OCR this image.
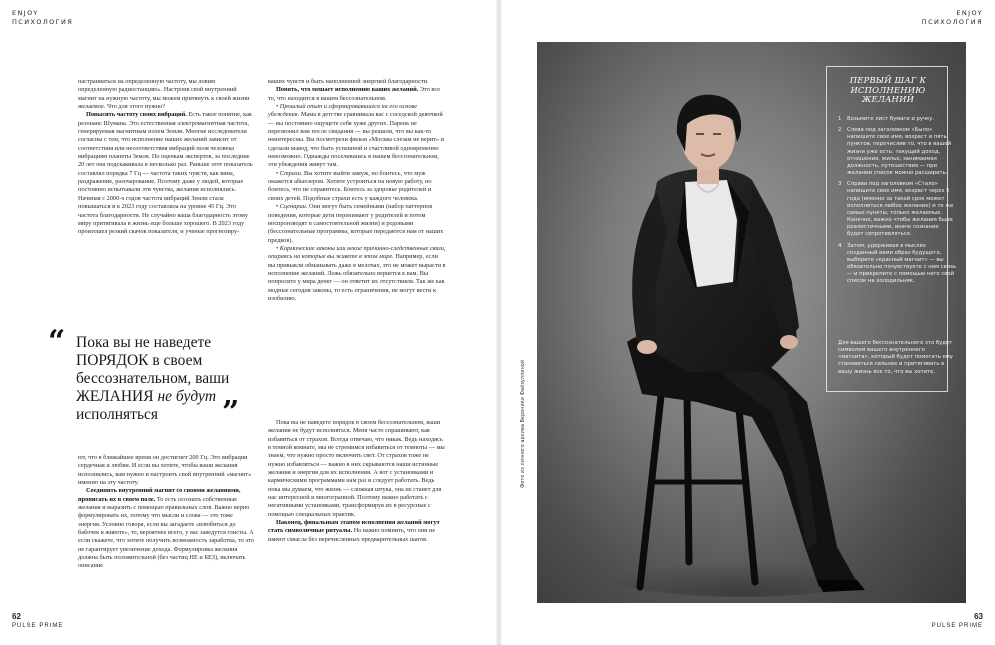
ENJOY
ПСИХОЛОГИЯ
ENJOY
ПСИХОЛОГИЯ

настраиваться на определенную частоту, мы ловим определенную радиостанцию». Настроив свой внутренний магнит на нужную частоту, мы можем притянуть к своей жизни желаемое. Что для этого нужно?

Повысить частоту своих вибраций. Есть такое понятие, как резонанс Шумана. Это естественная электромагнитная частота, генерируемая магнитным полем Земли. Многие исследователи согласны с тем, что исполнение наших желаний зависит от соответствия или несоответствия вибраций поля человека вибрациям планеты Земля. По оценкам экспертов, за последние 20 лет она подскакивала в несколько раз. Раньше этот показатель составлял порядка 7 Гц — частота таких чувств, как вина, раздражение, разочарование. Поэтому даже у людей, которые постоянно испытывали эти чувства, желания исполнялись. Начиная с 2000-х годов частота вибраций Земли стала повышаться и к 2023 году составляла на уровне 45 Гц. Это частота благодарности. Не случайно ваша благодарность этому миру притягивала в жизнь еще больше хорошего. В 2023 году произошел резкий скачок показателя, и ученые прогнозиру-

“ Пока вы не наведете ПОРЯДОК в своем бессознательном, ваши ЖЕЛАНИЯ не будут исполняться	”

ют, что в ближайшее время он достигнет 200 Гц. Это вибрации сердечная и любви. И если вы хотите, чтобы ваши желания исполнялись, вам нужно и настроить свой внутренний «магнит» именно на эту частоту.

Соединить внутренний магнит со своими желаниями, прописать их в своем поле. То есть осознать собственные желания и выразить с помощью правильных слов. Важно верно формулировать их, потому что мысли и слова — это тоже энергия. Условно говоря, если вы загадаете «влюбиться до бабочек в животе», то, вероятнее всего, у вас заведутся глисты. А если скажете, что хотите получить возможность заработка, то это не гарантирует увеличение дохода. Формулировка желания должна быть положительной (без частиц НЕ и БЕЗ), включать описание

ваших чувств и быть наполненной энергией благодарности.

Понять, что мешает исполнению ваших желаний. Это все то, что находится в вашем бессознательном.

• Прошлый опыт и сформировавшиеся на его основе убеждения. Мама в детстве сравнивала вас с соседской девочкой — вы постоянно ощущете себя хуже других. Парень не перезвонил вам после свидания — вы решили, что вы как-то неинтересны. Вы посмотрели фильм «Москва слезам не верит» и сделали вывод, что быть успешной и счастливой одновременно невозможно. Однажды поселившись в нашем бессознательном, эти убеждения живут там.

• Страхи. Вы хотите выйти замуж, но боитесь, что муж окажется абьюзером. Хотите устроиться на новую работу, но боитесь, что не справитесь. Боитесь за здоровье родителей и своих детей. Подобные страхи есть у каждого человека.

• Сценарии. Они могут быть семейными (набор паттернов поведения, которые дети перенимают у родителей и потом воспроизводят в самостоятельной жизни) и родовыми (бессознательные программы, которые передаются нам от наших предков).

• Кармические законы или некие причинно-следственные связи, опираясь на которые вы живете в этом мире. Например, если вы привыкли обманывать даже в мелочах, это не может вырасти в исполнение желаний. Ложь обязательно вернется к вам. Вы попросите у мира денег — он ответит их отсутствием. Так же как модные сегодня законы, то есть ограничения, не могут вести к изобилию.

Пока вы не наведете порядок в своем бессознательном, ваши желания не будут исполняться. Меня часто спрашивают, как избавиться от страхов. Всегда отвечаю, что никак. Ведь находясь в темной комнате, мы не стремимся избавиться от темноты — мы знаем, что нужно просто включить свет. От страхов тоже не нужно избавляться — важно в них скрываются наши истинные желания и энергия для их исполнения. А вот с установками и кармическими программами нам раз и следует работать. Ведь пока мы думаем, что жизнь — сложная штука, она не станет для нас интересной и многогранной. Поэтому важно работать с негативными установками, трансформируя их в ресурсные с помощью специальных практик.

Наконец, финальным этапом исполнения желаний могут стать символичные ритуалы. Но важно помнить, что они не имеют смысла без перечисленных предварительных шагов.

Фото из личного архива Вероники Файзуллиной
ПЕРВЫЙ ШАГ К ИСПОЛНЕНИЮ ЖЕЛАНИЙ
1 Возьмите лист бумаги и ручку.
2 Слева под заголовком «Было» напишите свое имя, возраст и пять пунктов, перечислив то, что в вашей жизни уже есть: текущий доход, отношения, жилье, занимаемая должность, путешествия — при желании список можно расширить.
3 Справа под заголовком «Стало» напишите свое имя, возраст через 5 года (именно за такой срок может исполниться любое желание) и те же самые пункты, только желаемые. Конечно, важно чтобы желания были реалистичными, иначе сознание будет сопротивляться.
4 Затем, удерживая в мыслях созданный вами образ будущего, выберите «красный магнит» — вы обязательно почувствуете с ним связь — и прикрепите с помощью него свой список на холодильник.
Для вашего бессознательного это будет символом вашего внутреннего «магнита», который будет помогать ему становиться сильнее и притягивать в вашу жизнь все то, что вы хотите.
62
PULSE PRIME
63
PULSE PRIME
